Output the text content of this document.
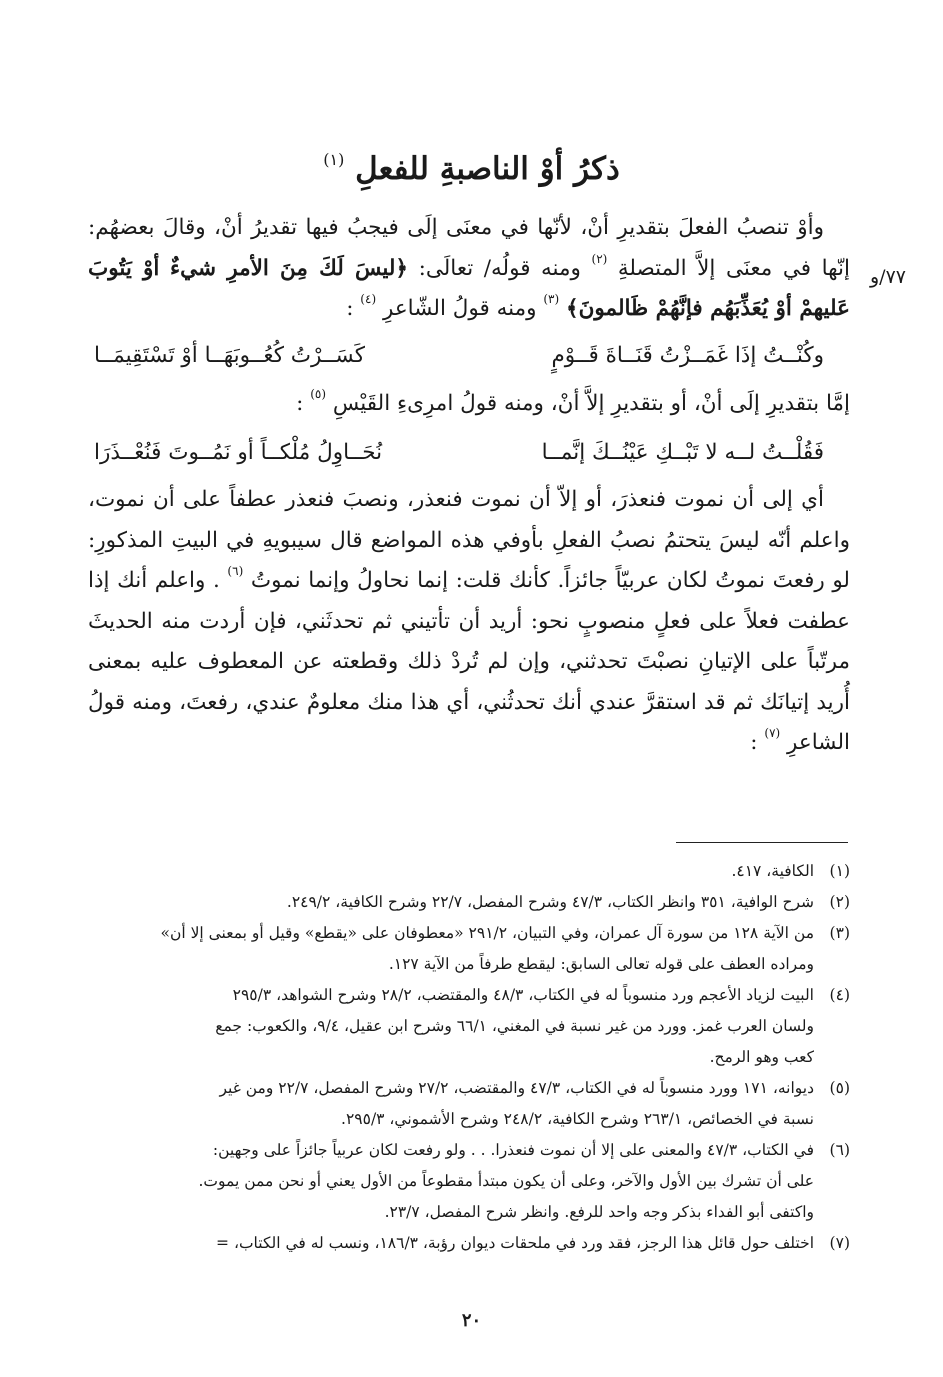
ذكرُ أوْ الناصبةِ للفعلِ $^{(١)}$
٧٧/و

وأوْ تنصبُ الفعلَ بتقديرِ أنْ، لأنّها في معنَى إلَى فيجبُ فيها تقديرُ أنْ، وقالَ بعضهُم: إنّها في معنَى إلاَّ المتصلةِ $^{(٢)}$ ومنه قولُه/ تعالَى: ﴿ليسَ لَكَ مِنَ الأمرِ شيءٌ أوْ يَتُوبَ عَليهمْ أوْ يُعَذِّبَهُم فإنَّهُمْ ظَالمونَ﴾ $^{(٣)}$ ومنه قولُ الشّاعرِ $^{(٤)}$ :

وكُنْــتُ إذَا غَمَــزْتُ قَنَــاةَ قَــوْمٍ
كَسَــرْتُ كُعُــوبَهَــا أوْ تَسْتَقِيمَــا

إمَّا بتقديرِ إلَى أنْ، أو بتقديرِ إلاَّ أنْ، ومنه قولُ امرِىءِ القَيْسِ $^{(٥)}$ :

فَقُلْــتُ لــه لا تَبْــكِ عَيْنُــكَ إنَّمــا
نُحَــاوِلُ مُلْكــاً أو نَمُــوتَ فَنُعْــذَرَا

أي إلى أن نموت فنعذرَ، أو إلاّ أن نموت فنعذر، ونصبَ فنعذر عطفاً على أن نموت، واعلم أنّه ليسَ يتحتمُ نصبُ الفعلِ بأوفي هذه المواضع قال سيبويهِ في البيتِ المذكورِ: لو رفعتَ نموتُ لكان عربيّاً جائزاً. كأنك قلت: إنما نحاولُ وإنما نموتُ $^{(٦)}$ . واعلم أنك إذا عطفت فعلاً على فعلٍ منصوبٍ نحو: أريد أن تأتيني ثم تحدثَني، فإن أردت منه الحديثَ مرتّباً على الإتيانِ نصبْتَ تحدثني، وإن لم تُردْ ذلك وقطعته عن المعطوف عليه بمعنى أُريد إتيانَك ثم قد استقرَّ عندي أنك تحدثُني، أي هذا منك معلومٌ عندي، رفعتَ، ومنه قولُ الشاعرِ $^{(٧)}$ :

(١)
الكافية، ٤١٧.

(٢)
شرح الوافية، ٣٥١ وانظر الكتاب، ٤٧/٣ وشرح المفصل، ٢٢/٧ وشرح الكافية، ٢٤٩/٢.

(٣)
من الآية ١٢٨ من سورة آل عمران، وفي التبيان، ٢٩١/٢ «معطوفان على «يقطع» وقيل أو بمعنى إلا أن»
ومراده العطف على قوله تعالى السابق: ليقطع طرفاً من الآية ١٢٧.

(٤)
البيت لزياد الأعجم ورد منسوباً له في الكتاب، ٤٨/٣ والمقتضب، ٢٨/٢ وشرح الشواهد، ٢٩٥/٣
ولسان العرب غمز. وورد من غير نسبة في المغني، ٦٦/١ وشرح ابن عقيل، ٩/٤، والكعوب: جمع
كعب وهو الرمح.

(٥)
ديوانه، ١٧١ وورد منسوباً له في الكتاب، ٤٧/٣ والمقتضب، ٢٧/٢ وشرح المفصل، ٢٢/٧ ومن غير
نسبة في الخصائص، ٢٦٣/١ وشرح الكافية، ٢٤٨/٢ وشرح الأشموني، ٢٩٥/٣.

(٦)
في الكتاب، ٤٧/٣ والمعنى على إلا أن نموت فنعذرا. . . ولو رفعت لكان عربياً جائزاً على وجهين:
على أن تشرك بين الأول والآخر، وعلى أن يكون مبتدأ مقطوعاً من الأول يعني أو نحن ممن يموت.
واكتفى أبو الفداء بذكر وجه واحد للرفع. وانظر شرح المفصل، ٢٣/٧.

(٧)
اختلف حول قائل هذا الرجز، فقد ورد في ملحقات ديوان رؤبة، ١٨٦/٣، ونسب له في الكتاب، =

٢٠
